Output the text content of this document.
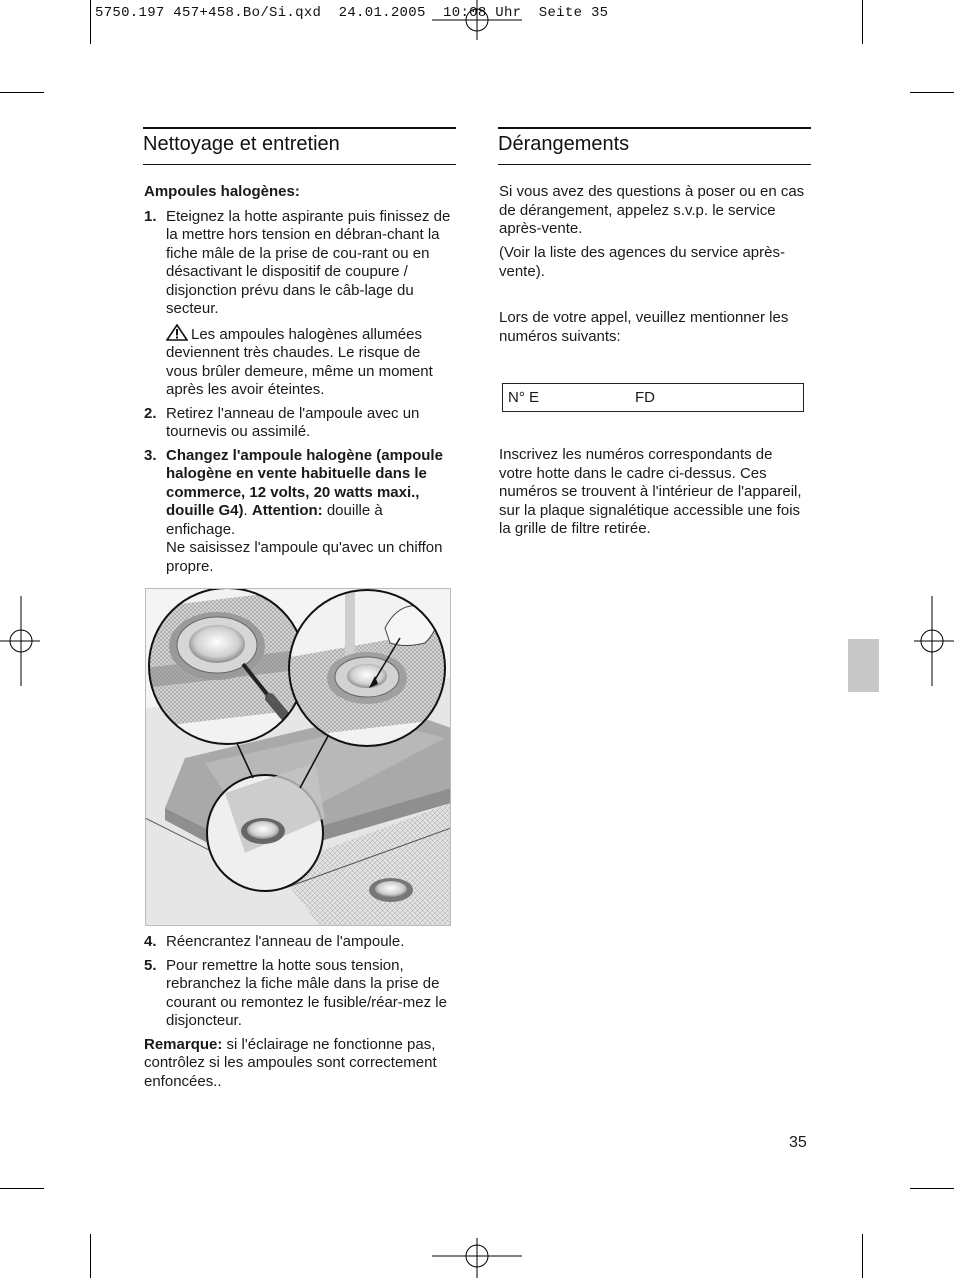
5750.197 457+458.Bo/Si.qxd  24.01.2005  10:08 Uhr  Seite 35
Nettoyage et entretien
Ampoules halogènes:
1. Eteignez la hotte aspirante puis finissez de la mettre hors tension en débran-chant la fiche mâle de la prise de cou-rant ou en désactivant le dispositif de coupure / disjonction prévu dans le câb-lage du secteur.
Les ampoules halogènes allumées deviennent très chaudes. Le risque de vous brûler demeure, même un moment après les avoir éteintes.
2. Retirez l'anneau de l'ampoule avec un tournevis ou assimilé.
3. Changez l'ampoule halogène (ampoule halogène en vente habituelle dans le commerce, 12 volts, 20 watts maxi., douille G4). Attention: douille à enfichage.
Ne saisissez l'ampoule qu'avec un chiffon propre.
4. Réencrantez l'anneau de l'ampoule.
5. Pour remettre la hotte sous tension, rebranchez la fiche mâle dans la prise de courant ou remontez le fusible/réar-mez le disjoncteur.

Remarque: si l'éclairage ne fonctionne pas, contrôlez si les ampoules sont correctement enfoncées..

Dérangements

Si vous avez des questions à poser ou en cas de dérangement, appelez s.v.p. le service après-vente.

(Voir la liste des agences du service après-vente).

Lors de votre appel, veuillez mentionner les numéros suivants:

N° E	FD

Inscrivez les numéros correspondants de votre hotte dans le cadre ci-dessus. Ces numéros se trouvent à l'intérieur de l'appareil, sur la plaque signalétique accessible une fois la grille de filtre retirée.

35
